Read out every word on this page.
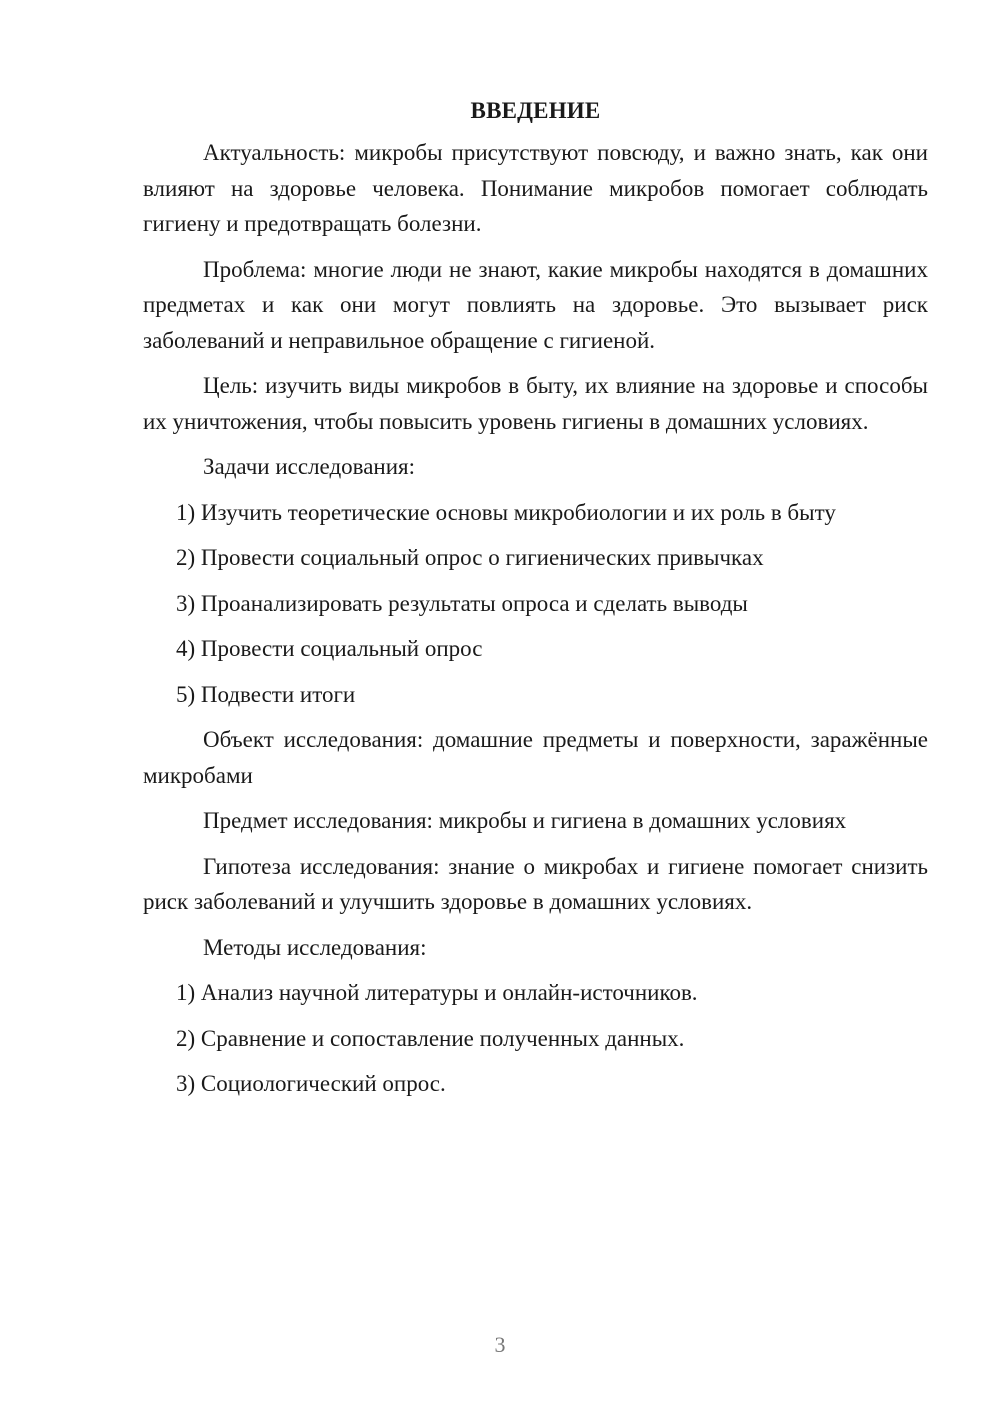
ВВЕДЕНИЕ

Актуальность: микробы присутствуют повсюду, и важно знать, как они влияют на здоровье человека. Понимание микробов помогает соблюдать гигиену и предотвращать болезни.

Проблема: многие люди не знают, какие микробы находятся в домашних предметах и как они могут повлиять на здоровье. Это вызывает риск заболеваний и неправильное обращение с гигиеной.

Цель: изучить виды микробов в быту, их влияние на здоровье и способы их уничтожения, чтобы повысить уровень гигиены в домашних условиях.

Задачи исследования:

1) Изучить теоретические основы микробиологии и их роль в быту

2) Провести социальный опрос о гигиенических привычках

3) Проанализировать результаты опроса и сделать выводы

4) Провести социальный опрос

5) Подвести итоги

Объект исследования: домашние предметы и поверхности, заражённые микробами

Предмет исследования: микробы и гигиена в домашних условиях

Гипотеза исследования: знание о микробах и гигиене помогает снизить риск заболеваний и улучшить здоровье в домашних условиях.

Методы исследования:

1) Анализ научной литературы и онлайн-источников.

2) Сравнение и сопоставление полученных данных.

3) Социологический опрос.

3
